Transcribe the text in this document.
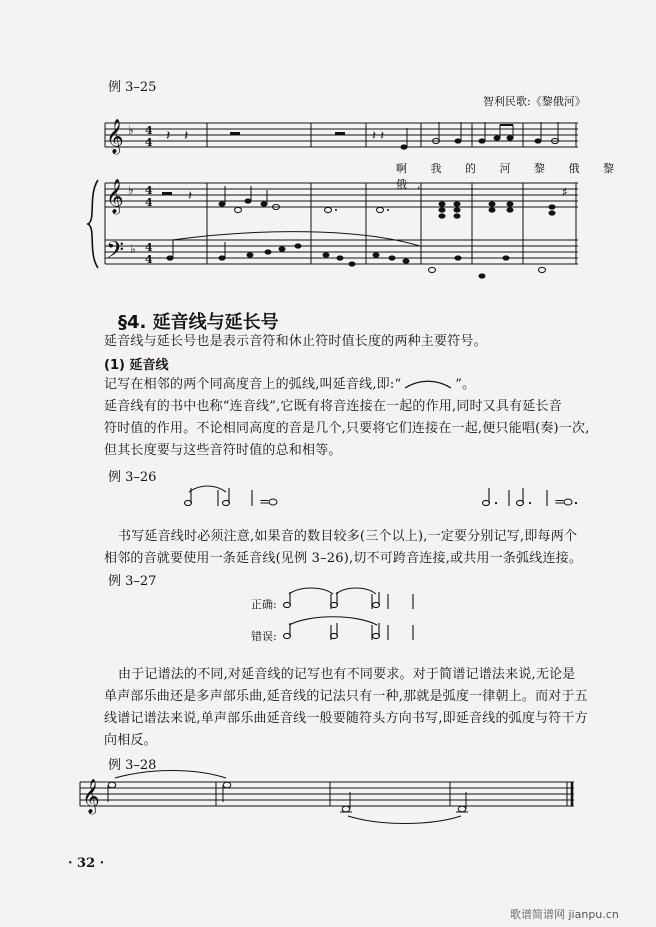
例 3–25
智利民歌:《黎俄河》
𝄞
𝄞
𝄢
♭
♭
♭
4
4
4
4
4
4
𝄽 𝄽	𝄽 𝄽
𝄽	♯
啊 我 的 河 黎 俄 黎 俄,
§4. 延音线与延长号
延音线与延长号也是表示音符和休止符时值长度的两种主要符号。
(1) 延音线
记写在相邻的两个同高度音上的弧线,叫延音线,即:“	”。
延音线有的书中也称“连音线”,它既有将音连接在一起的作用,同时又具有延长音
符时值的作用。不论相同高度的音是几个,只要将它们连接在一起,便只能唱(奏)一次,
但其长度要与这些音符时值的总和相等。
例 3–26
=	=
书写延音线时必须注意,如果音的数目较多(三个以上),一定要分别记写,即每两个
相邻的音就要使用一条延音线(见例 3–26),切不可跨音连接,或共用一条弧线连接。
例 3–27
正确:
错误:
由于记谱法的不同,对延音线的记写也有不同要求。对于简谱记谱法来说,无论是
单声部乐曲还是多声部乐曲,延音线的记法只有一种,那就是弧度一律朝上。而对于五
线谱记谱法来说,单声部乐曲延音线一般要随符头方向书写,即延音线的弧度与符干方
向相反。
例 3–28
𝄞
· 32 ·
歌谱简谱网 jianpu.cn
